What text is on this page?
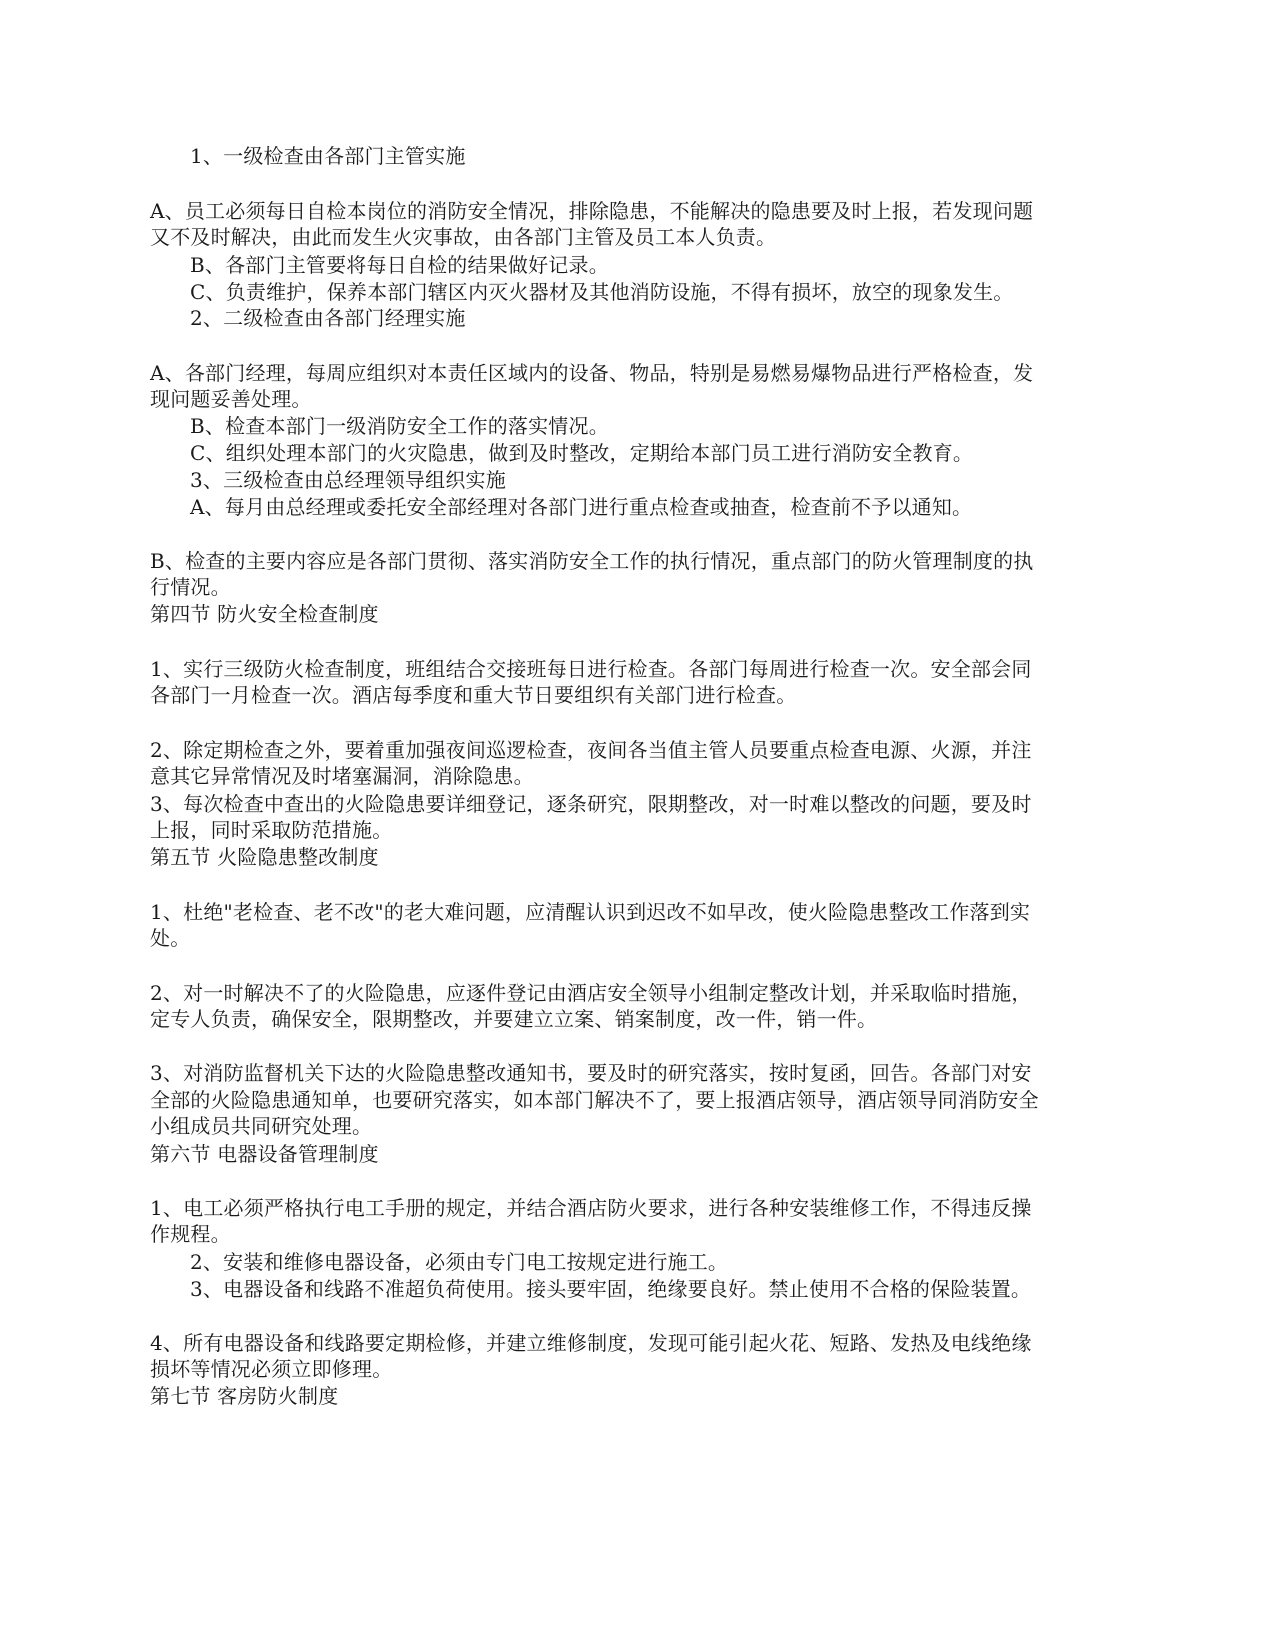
1、一级检查由各部门主管实施
A、员工必须每日自检本岗位的消防安全情况，排除隐患，不能解决的隐患要及时上报，若发现问题
又不及时解决，由此而发生火灾事故，由各部门主管及员工本人负责。
B、各部门主管要将每日自检的结果做好记录。
C、负责维护，保养本部门辖区内灭火器材及其他消防设施，不得有损坏，放空的现象发生。
2、二级检查由各部门经理实施
A、各部门经理，每周应组织对本责任区域内的设备、物品，特别是易燃易爆物品进行严格检查，发
现问题妥善处理。
B、检查本部门一级消防安全工作的落实情况。
C、组织处理本部门的火灾隐患，做到及时整改，定期给本部门员工进行消防安全教育。
3、三级检查由总经理领导组织实施
A、每月由总经理或委托安全部经理对各部门进行重点检查或抽查，检查前不予以通知。
B、检查的主要内容应是各部门贯彻、落实消防安全工作的执行情况，重点部门的防火管理制度的执
行情况。
第四节 防火安全检查制度
1、实行三级防火检查制度，班组结合交接班每日进行检查。各部门每周进行检查一次。安全部会同
各部门一月检查一次。酒店每季度和重大节日要组织有关部门进行检查。
2、除定期检查之外，要着重加强夜间巡逻检查，夜间各当值主管人员要重点检查电源、火源，并注
意其它异常情况及时堵塞漏洞，消除隐患。
3、每次检查中查出的火险隐患要详细登记，逐条研究，限期整改，对一时难以整改的问题，要及时
上报，同时采取防范措施。
第五节 火险隐患整改制度
1、杜绝"老检查、老不改"的老大难问题，应清醒认识到迟改不如早改，使火险隐患整改工作落到实
处。
2、对一时解决不了的火险隐患，应逐件登记由酒店安全领导小组制定整改计划，并采取临时措施，
定专人负责，确保安全，限期整改，并要建立立案、销案制度，改一件，销一件。
3、对消防监督机关下达的火险隐患整改通知书，要及时的研究落实，按时复函，回告。各部门对安
全部的火险隐患通知单，也要研究落实，如本部门解决不了，要上报酒店领导，酒店领导同消防安全
小组成员共同研究处理。
第六节 电器设备管理制度
1、电工必须严格执行电工手册的规定，并结合酒店防火要求，进行各种安装维修工作，不得违反操
作规程。
2、安装和维修电器设备，必须由专门电工按规定进行施工。
3、电器设备和线路不准超负荷使用。接头要牢固，绝缘要良好。禁止使用不合格的保险装置。
4、所有电器设备和线路要定期检修，并建立维修制度，发现可能引起火花、短路、发热及电线绝缘
损坏等情况必须立即修理。
第七节 客房防火制度
